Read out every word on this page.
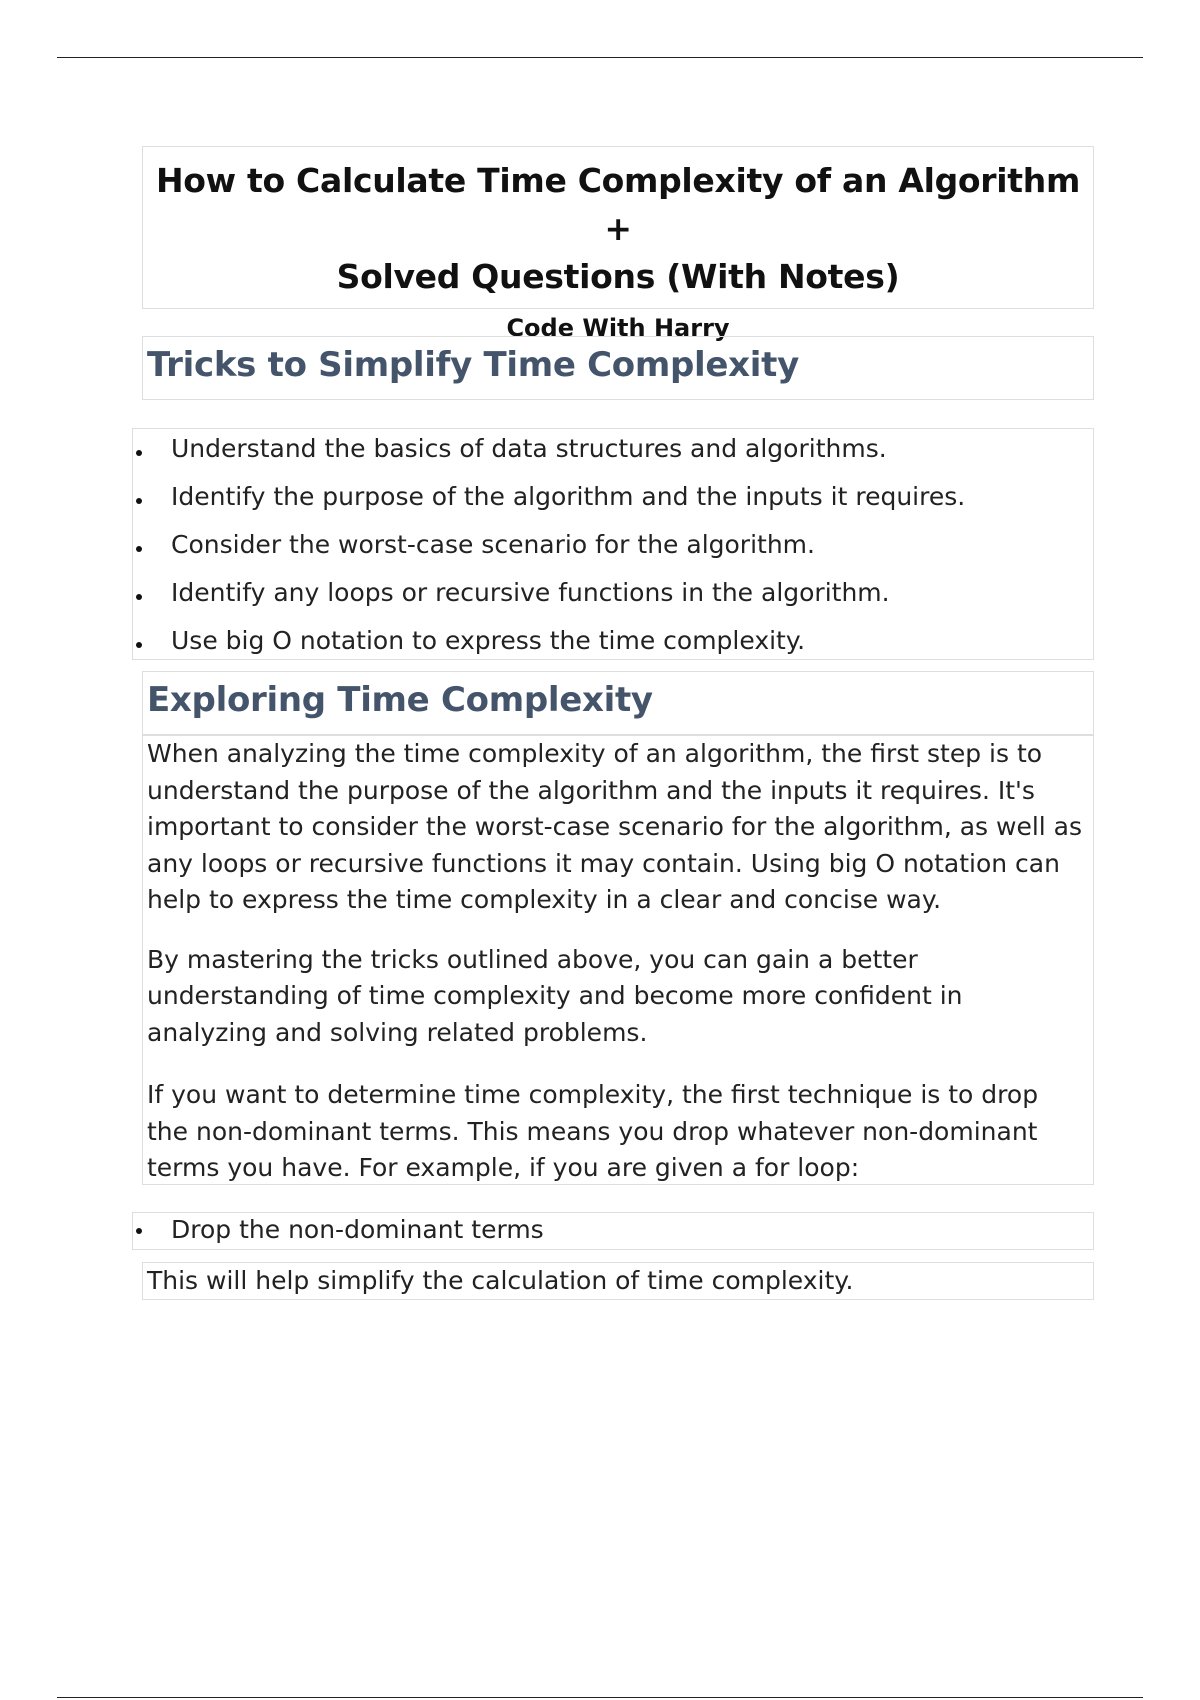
How to Calculate Time Complexity of an Algorithm +
Solved Questions (With Notes)

Code With Harry

Tricks to Simplify Time Complexity
Understand the basics of data structures and algorithms.
Identify the purpose of the algorithm and the inputs it requires.
Consider the worst-case scenario for the algorithm.
Identify any loops or recursive functions in the algorithm.
Use big O notation to express the time complexity.
Exploring Time Complexity

When analyzing the time complexity of an algorithm, the first step is to understand the purpose of the algorithm and the inputs it requires. It's important to consider the worst-case scenario for the algorithm, as well as any loops or recursive functions it may contain. Using big O notation can help to express the time complexity in a clear and concise way.

By mastering the tricks outlined above, you can gain a better understanding of time complexity and become more confident in analyzing and solving related problems.

If you want to determine time complexity, the first technique is to drop the non-dominant terms. This means you drop whatever non-dominant terms you have. For example, if you are given a for loop:

Drop the non-dominant terms

This will help simplify the calculation of time complexity.
